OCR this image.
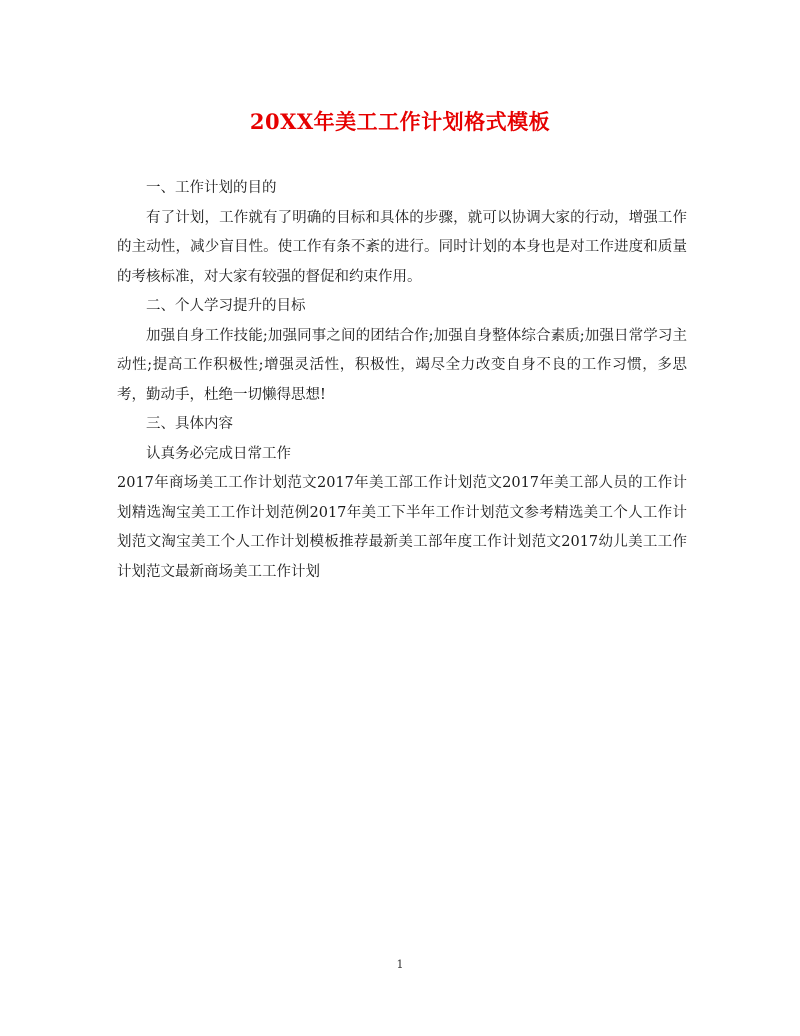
20XX年美工工作计划格式模板

一、工作计划的目的

有了计划，工作就有了明确的目标和具体的步骤，就可以协调大家的行动，增强工作的主动性，减少盲目性。使工作有条不紊的进行。同时计划的本身也是对工作进度和质量的考核标准，对大家有较强的督促和约束作用。

二、个人学习提升的目标

加强自身工作技能;加强同事之间的团结合作;加强自身整体综合素质;加强日常学习主动性;提高工作积极性;增强灵活性，积极性，竭尽全力改变自身不良的工作习惯，多思考，勤动手，杜绝一切懒得思想!

三、具体内容

认真务必完成日常工作

2017年商场美工工作计划范文2017年美工部工作计划范文2017年美工部人员的工作计划精选淘宝美工工作计划范例2017年美工下半年工作计划范文参考精选美工个人工作计划范文淘宝美工个人工作计划模板推荐最新美工部年度工作计划范文2017幼儿美工工作计划范文最新商场美工工作计划

1
